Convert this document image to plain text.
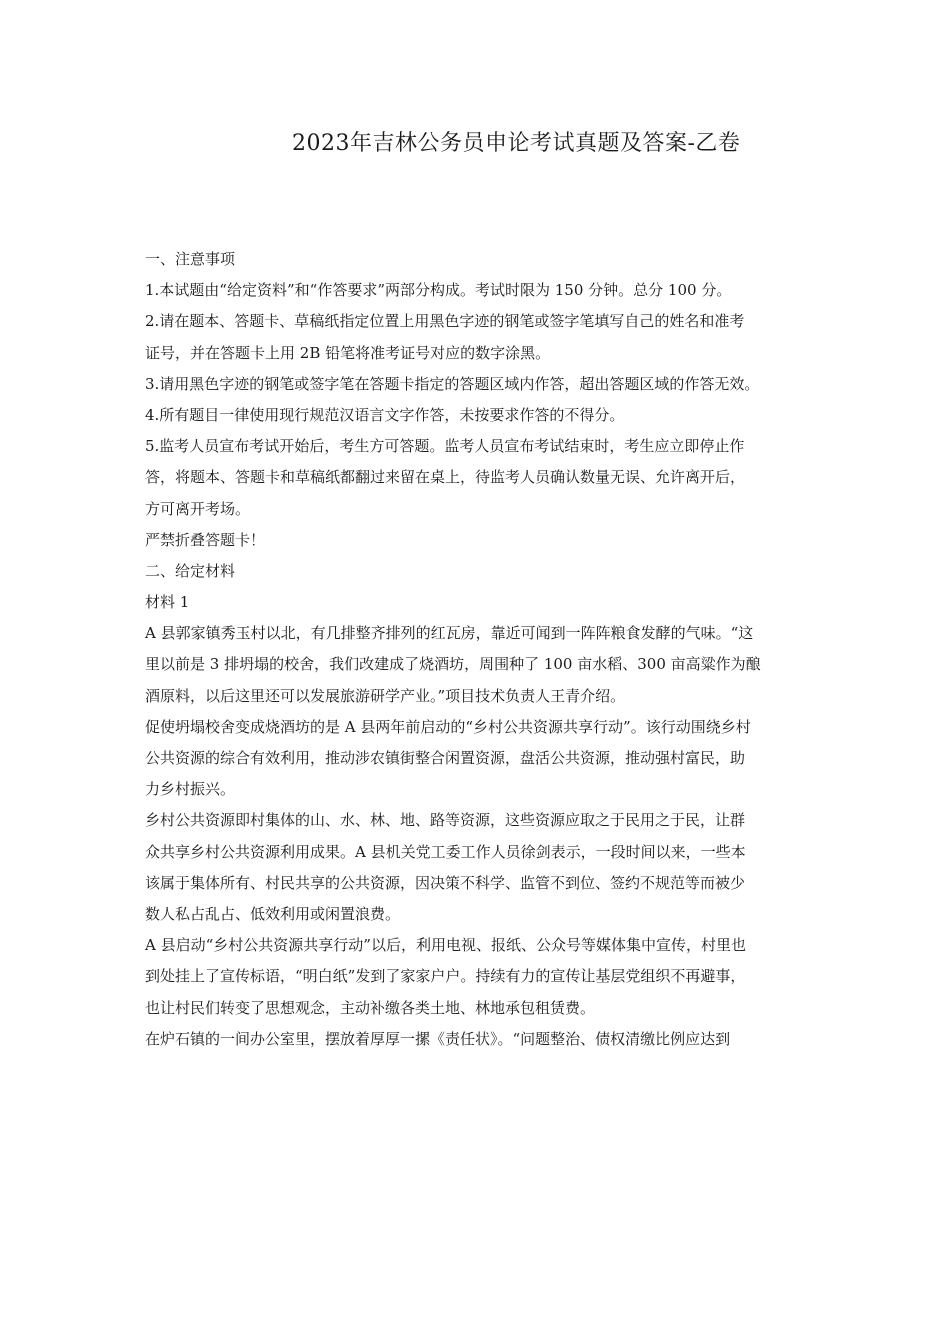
2023年吉林公务员申论考试真题及答案-乙卷
一、注意事项
1.本试题由“给定资料”和“作答要求”两部分构成。考试时限为 150 分钟。总分 100 分。
2.请在题本、答题卡、草稿纸指定位置上用黑色字迹的钢笔或签字笔填写自己的姓名和准考
证号，并在答题卡上用 2B 铅笔将准考证号对应的数字涂黑。
3.请用黑色字迹的钢笔或签字笔在答题卡指定的答题区域内作答，超出答题区域的作答无效。
4.所有题目一律使用现行规范汉语言文字作答，未按要求作答的不得分。
5.监考人员宣布考试开始后，考生方可答题。监考人员宣布考试结束时，考生应立即停止作
答，将题本、答题卡和草稿纸都翻过来留在桌上，待监考人员确认数量无误、允许离开后，
方可离开考场。
严禁折叠答题卡！
二、给定材料
材料 1
A 县郭家镇秀玉村以北，有几排整齐排列的红瓦房，靠近可闻到一阵阵粮食发酵的气味。“这
里以前是 3 排坍塌的校舍，我们改建成了烧酒坊，周围种了 100 亩水稻、300 亩高粱作为酿
酒原料，以后这里还可以发展旅游研学产业。”项目技术负责人王青介绍。
促使坍塌校舍变成烧酒坊的是 A 县两年前启动的“乡村公共资源共享行动”。该行动围绕乡村
公共资源的综合有效利用，推动涉农镇街整合闲置资源，盘活公共资源，推动强村富民，助
力乡村振兴。
乡村公共资源即村集体的山、水、林、地、路等资源，这些资源应取之于民用之于民，让群
众共享乡村公共资源利用成果。A 县机关党工委工作人员徐剑表示，一段时间以来，一些本
该属于集体所有、村民共享的公共资源，因决策不科学、监管不到位、签约不规范等而被少
数人私占乱占、低效利用或闲置浪费。
A 县启动“乡村公共资源共享行动”以后，利用电视、报纸、公众号等媒体集中宣传，村里也
到处挂上了宣传标语，“明白纸”发到了家家户户。持续有力的宣传让基层党组织不再避事，
也让村民们转变了思想观念，主动补缴各类土地、林地承包租赁费。
在炉石镇的一间办公室里，摆放着厚厚一摞《责任状》。“问题整治、债权清缴比例应达到
